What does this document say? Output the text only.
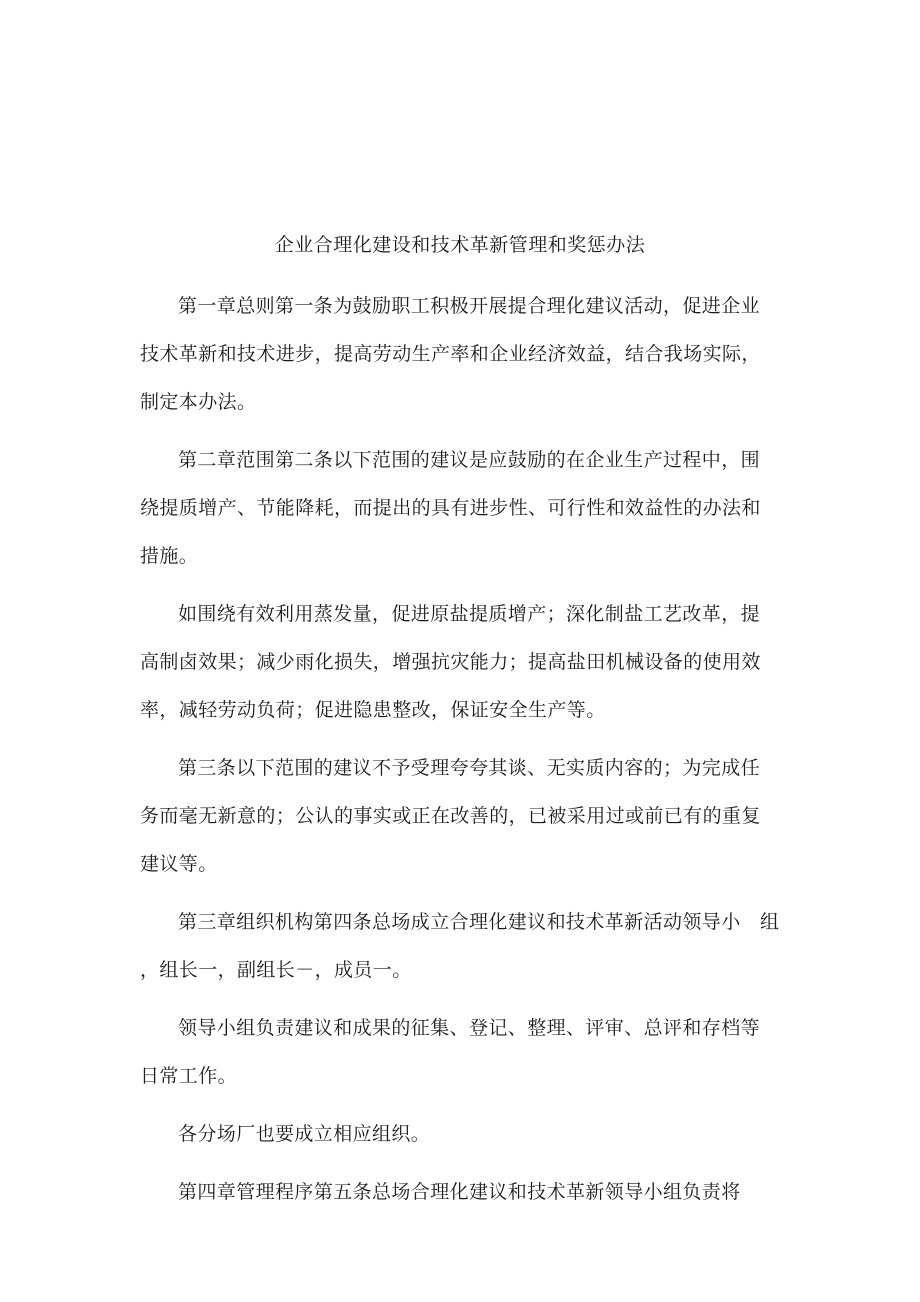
企业合理化建设和技术革新管理和奖惩办法

第一章总则第一条为鼓励职工积极开展提合理化建议活动，促进企业
技术革新和技术进步，提高劳动生产率和企业经济效益，结合我场实际，
制定本办法。

第二章范围第二条以下范围的建议是应鼓励的在企业生产过程中，围
绕提质增产、节能降耗，而提出的具有进步性、可行性和效益性的办法和
措施。

如围绕有效利用蒸发量，促进原盐提质增产；深化制盐工艺改革，提
高制卤效果；减少雨化损失，增强抗灾能力；提高盐田机械设备的使用效
率，减轻劳动负荷；促进隐患整改，保证安全生产等。

第三条以下范围的建议不予受理夸夸其谈、无实质内容的；为完成任
务而毫无新意的；公认的事实或正在改善的，已被采用过或前已有的重复
建议等。

第三章组织机构第四条总场成立合理化建议和技术革新活动领导小　组
，组长一，副组长－，成员一。

领导小组负责建议和成果的征集、登记、整理、评审、总评和存档等
日常工作。

各分场厂也要成立相应组织。

第四章管理程序第五条总场合理化建议和技术革新领导小组负责将
